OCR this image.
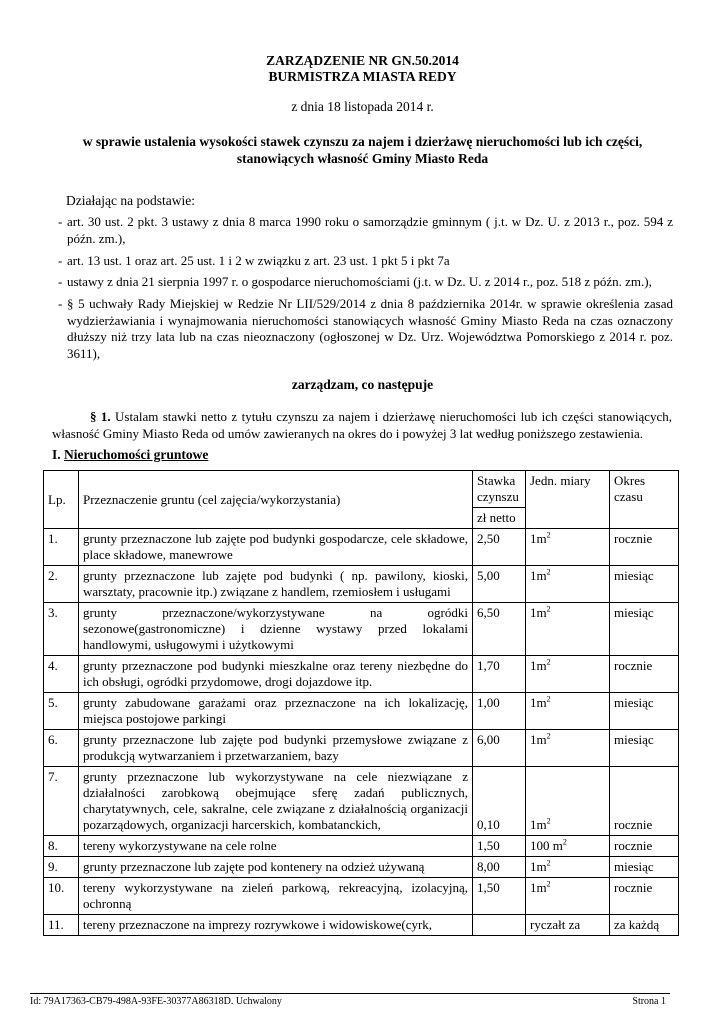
ZARZĄDZENIE NR GN.50.2014
BURMISTRZA MIASTA REDY
z dnia 18 listopada 2014 r.
w sprawie ustalenia wysokości stawek czynszu za najem i dzierżawę nieruchomości lub ich części,
stanowiących własność Gminy Miasto Reda
Działając na podstawie:
- art. 30 ust. 2 pkt. 3 ustawy z dnia 8 marca 1990 roku o samorządzie gminnym ( j.t. w Dz. U. z 2013 r., poz. 594 z późn. zm.),
- art. 13 ust. 1 oraz art. 25 ust. 1 i 2 w związku z art. 23 ust. 1 pkt 5 i pkt 7a
- ustawy z dnia 21 sierpnia 1997 r. o gospodarce nieruchomościami (j.t. w Dz. U. z 2014 r., poz. 518 z późn. zm.),
- § 5 uchwały Rady Miejskiej w Redzie Nr LII/529/2014 z dnia 8 października 2014r. w sprawie określenia zasad wydzierżawiania i wynajmowania nieruchomości stanowiących własność Gminy Miasto Reda na czas oznaczony dłuższy niż trzy lata lub na czas nieoznaczony (ogłoszonej w Dz. Urz. Województwa Pomorskiego z 2014 r. poz. 3611),
zarządzam, co następuje
§ 1. Ustalam stawki netto z tytułu czynszu za najem i dzierżawę nieruchomości lub ich części stanowiących, własność Gminy Miasto Reda od umów zawieranych na okres do i powyżej 3 lat według poniższego zestawienia.
I. Nieruchomości gruntowe
Lp.	Przeznaczenie gruntu (cel zajęcia/wykorzystania)	Stawka czynszu	Jedn. miary	Okres czasu
		zł netto		
1.	grunty przeznaczone lub zajęte pod budynki gospodarcze, cele składowe, place składowe, manewrowe	2,50	$1m^2$	rocznie
2.	grunty przeznaczone lub zajęte pod budynki ( np. pawilony, kioski, warsztaty, pracownie itp.) związane z handlem, rzemiosłem i usługami	5,00	$1m^2$	miesiąc
3.	grunty przeznaczone/wykorzystywane na ogródki sezonowe(gastronomiczne) i dzienne wystawy przed lokalami handlowymi, usługowymi i użytkowymi	6,50	$1m^2$	miesiąc
4.	grunty przeznaczone pod budynki mieszkalne oraz tereny niezbędne do ich obsługi, ogródki przydomowe, drogi dojazdowe itp.	1,70	$1m^2$	rocznie
5.	grunty zabudowane garażami oraz przeznaczone na ich lokalizację, miejsca postojowe parkingi	1,00	$1m^2$	miesiąc
6.	grunty przeznaczone lub zajęte pod budynki przemysłowe związane z produkcją wytwarzaniem i przetwarzaniem, bazy	6,00	$1m^2$	miesiąc
7.	grunty przeznaczone lub wykorzystywane na cele niezwiązane z działalności zarobkową obejmujące sferę zadań publicznych, charytatywnych, cele, sakralne, cele związane z działalnością organizacji pozarządowych, organizacji harcerskich, kombatanckich,	0,10	$1m^2$	rocznie
8.	tereny wykorzystywane na cele rolne	1,50	100 $m^2$	rocznie
9.	grunty przeznaczone lub zajęte pod kontenery na odzież używaną	8,00	$1m^2$	miesiąc
10.	tereny wykorzystywane na zieleń parkową, rekreacyjną, izolacyjną, ochronną	1,50	$1m^2$	rocznie
11.	tereny przeznaczone na imprezy rozrywkowe i widowiskowe(cyrk,		ryczałt za	za każdą
Id: 79A17363-CB79-498A-93FE-30377A86318D. Uchwalony	Strona 1
